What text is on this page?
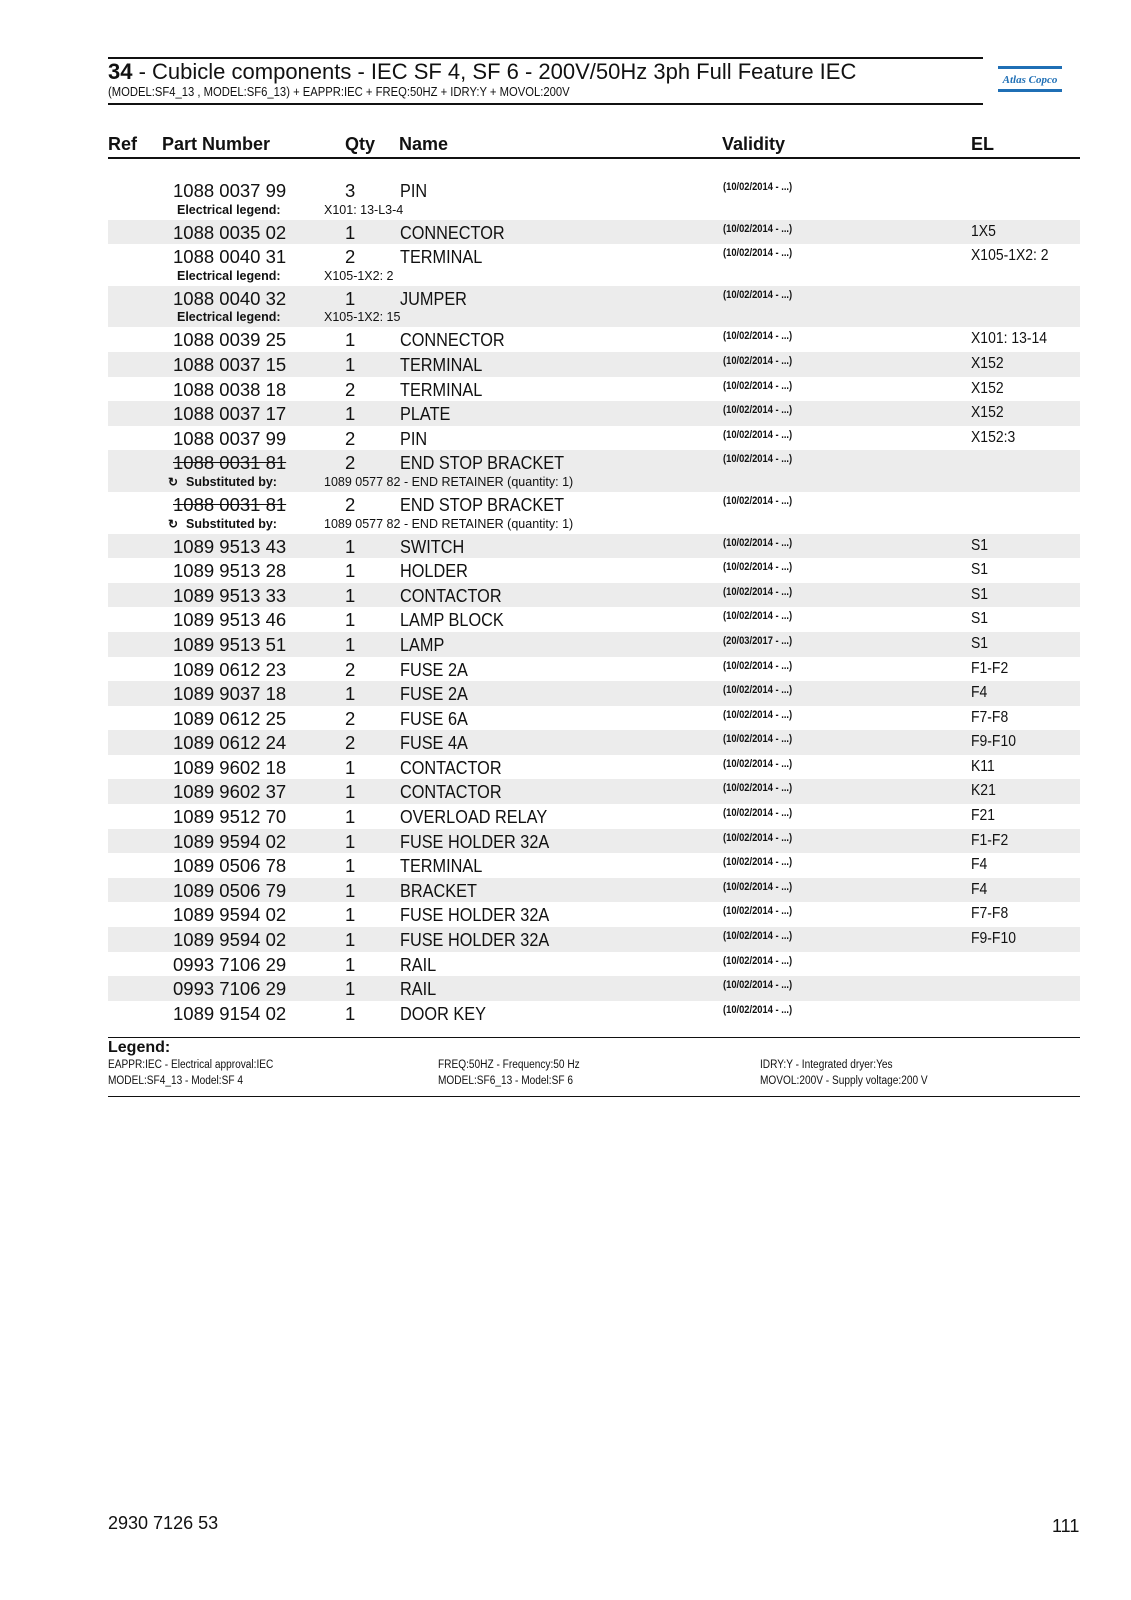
34 - Cubicle components - IEC SF 4, SF 6 - 200V/50Hz 3ph Full Feature IEC
(MODEL:SF4_13 , MODEL:SF6_13) + EAPPR:IEC + FREQ:50HZ + IDRY:Y + MOVOL:200V
Atlas Copco
Ref Part Number	Qty Name	Validity	EL
1088 0037 99	3 PIN	(10/02/2014 - ...)
Electrical legend:	X101: 13-L3-4
1088 0035 02	1 CONNECTOR	(10/02/2014 - ...)	1X5
1088 0040 31	2 TERMINAL	(10/02/2014 - ...)	X105-1X2: 2
Electrical legend:	X105-1X2: 2
1088 0040 32	1 JUMPER	(10/02/2014 - ...)
Electrical legend:	X105-1X2: 15
1088 0039 25	1 CONNECTOR	(10/02/2014 - ...)	X101: 13-14
1088 0037 15	1 TERMINAL	(10/02/2014 - ...)	X152
1088 0038 18	2 TERMINAL	(10/02/2014 - ...)	X152
1088 0037 17	1 PLATE	(10/02/2014 - ...)	X152
1088 0037 99	2 PIN	(10/02/2014 - ...)	X152:3
1088 0031 81	2 END STOP BRACKET	(10/02/2014 - ...)
↻ Substituted by:	1089 0577 82 - END RETAINER (quantity: 1)
1088 0031 81	2 END STOP BRACKET	(10/02/2014 - ...)
↻ Substituted by:	1089 0577 82 - END RETAINER (quantity: 1)
1089 9513 43	1 SWITCH	(10/02/2014 - ...)	S1
1089 9513 28	1 HOLDER	(10/02/2014 - ...)	S1
1089 9513 33	1 CONTACTOR	(10/02/2014 - ...)	S1
1089 9513 46	1 LAMP BLOCK	(10/02/2014 - ...)	S1
1089 9513 51	1 LAMP	(20/03/2017 - ...)	S1
1089 0612 23	2 FUSE 2A	(10/02/2014 - ...)	F1-F2
1089 9037 18	1 FUSE 2A	(10/02/2014 - ...)	F4
1089 0612 25	2 FUSE 6A	(10/02/2014 - ...)	F7-F8
1089 0612 24	2 FUSE 4A	(10/02/2014 - ...)	F9-F10
1089 9602 18	1 CONTACTOR	(10/02/2014 - ...)	K11
1089 9602 37	1 CONTACTOR	(10/02/2014 - ...)	K21
1089 9512 70	1 OVERLOAD RELAY	(10/02/2014 - ...)	F21
1089 9594 02	1 FUSE HOLDER 32A	(10/02/2014 - ...)	F1-F2
1089 0506 78	1 TERMINAL	(10/02/2014 - ...)	F4
1089 0506 79	1 BRACKET	(10/02/2014 - ...)	F4
1089 9594 02	1 FUSE HOLDER 32A	(10/02/2014 - ...)	F7-F8
1089 9594 02	1 FUSE HOLDER 32A	(10/02/2014 - ...)	F9-F10
0993 7106 29	1 RAIL	(10/02/2014 - ...)
0993 7106 29	1 RAIL	(10/02/2014 - ...)
1089 9154 02	1 DOOR KEY	(10/02/2014 - ...)
Legend:
EAPPR:IEC - Electrical approval:IEC
MODEL:SF4_13 - Model:SF 4
FREQ:50HZ - Frequency:50 Hz
MODEL:SF6_13 - Model:SF 6
IDRY:Y - Integrated dryer:Yes
MOVOL:200V - Supply voltage:200 V
2930 7126 53	111
